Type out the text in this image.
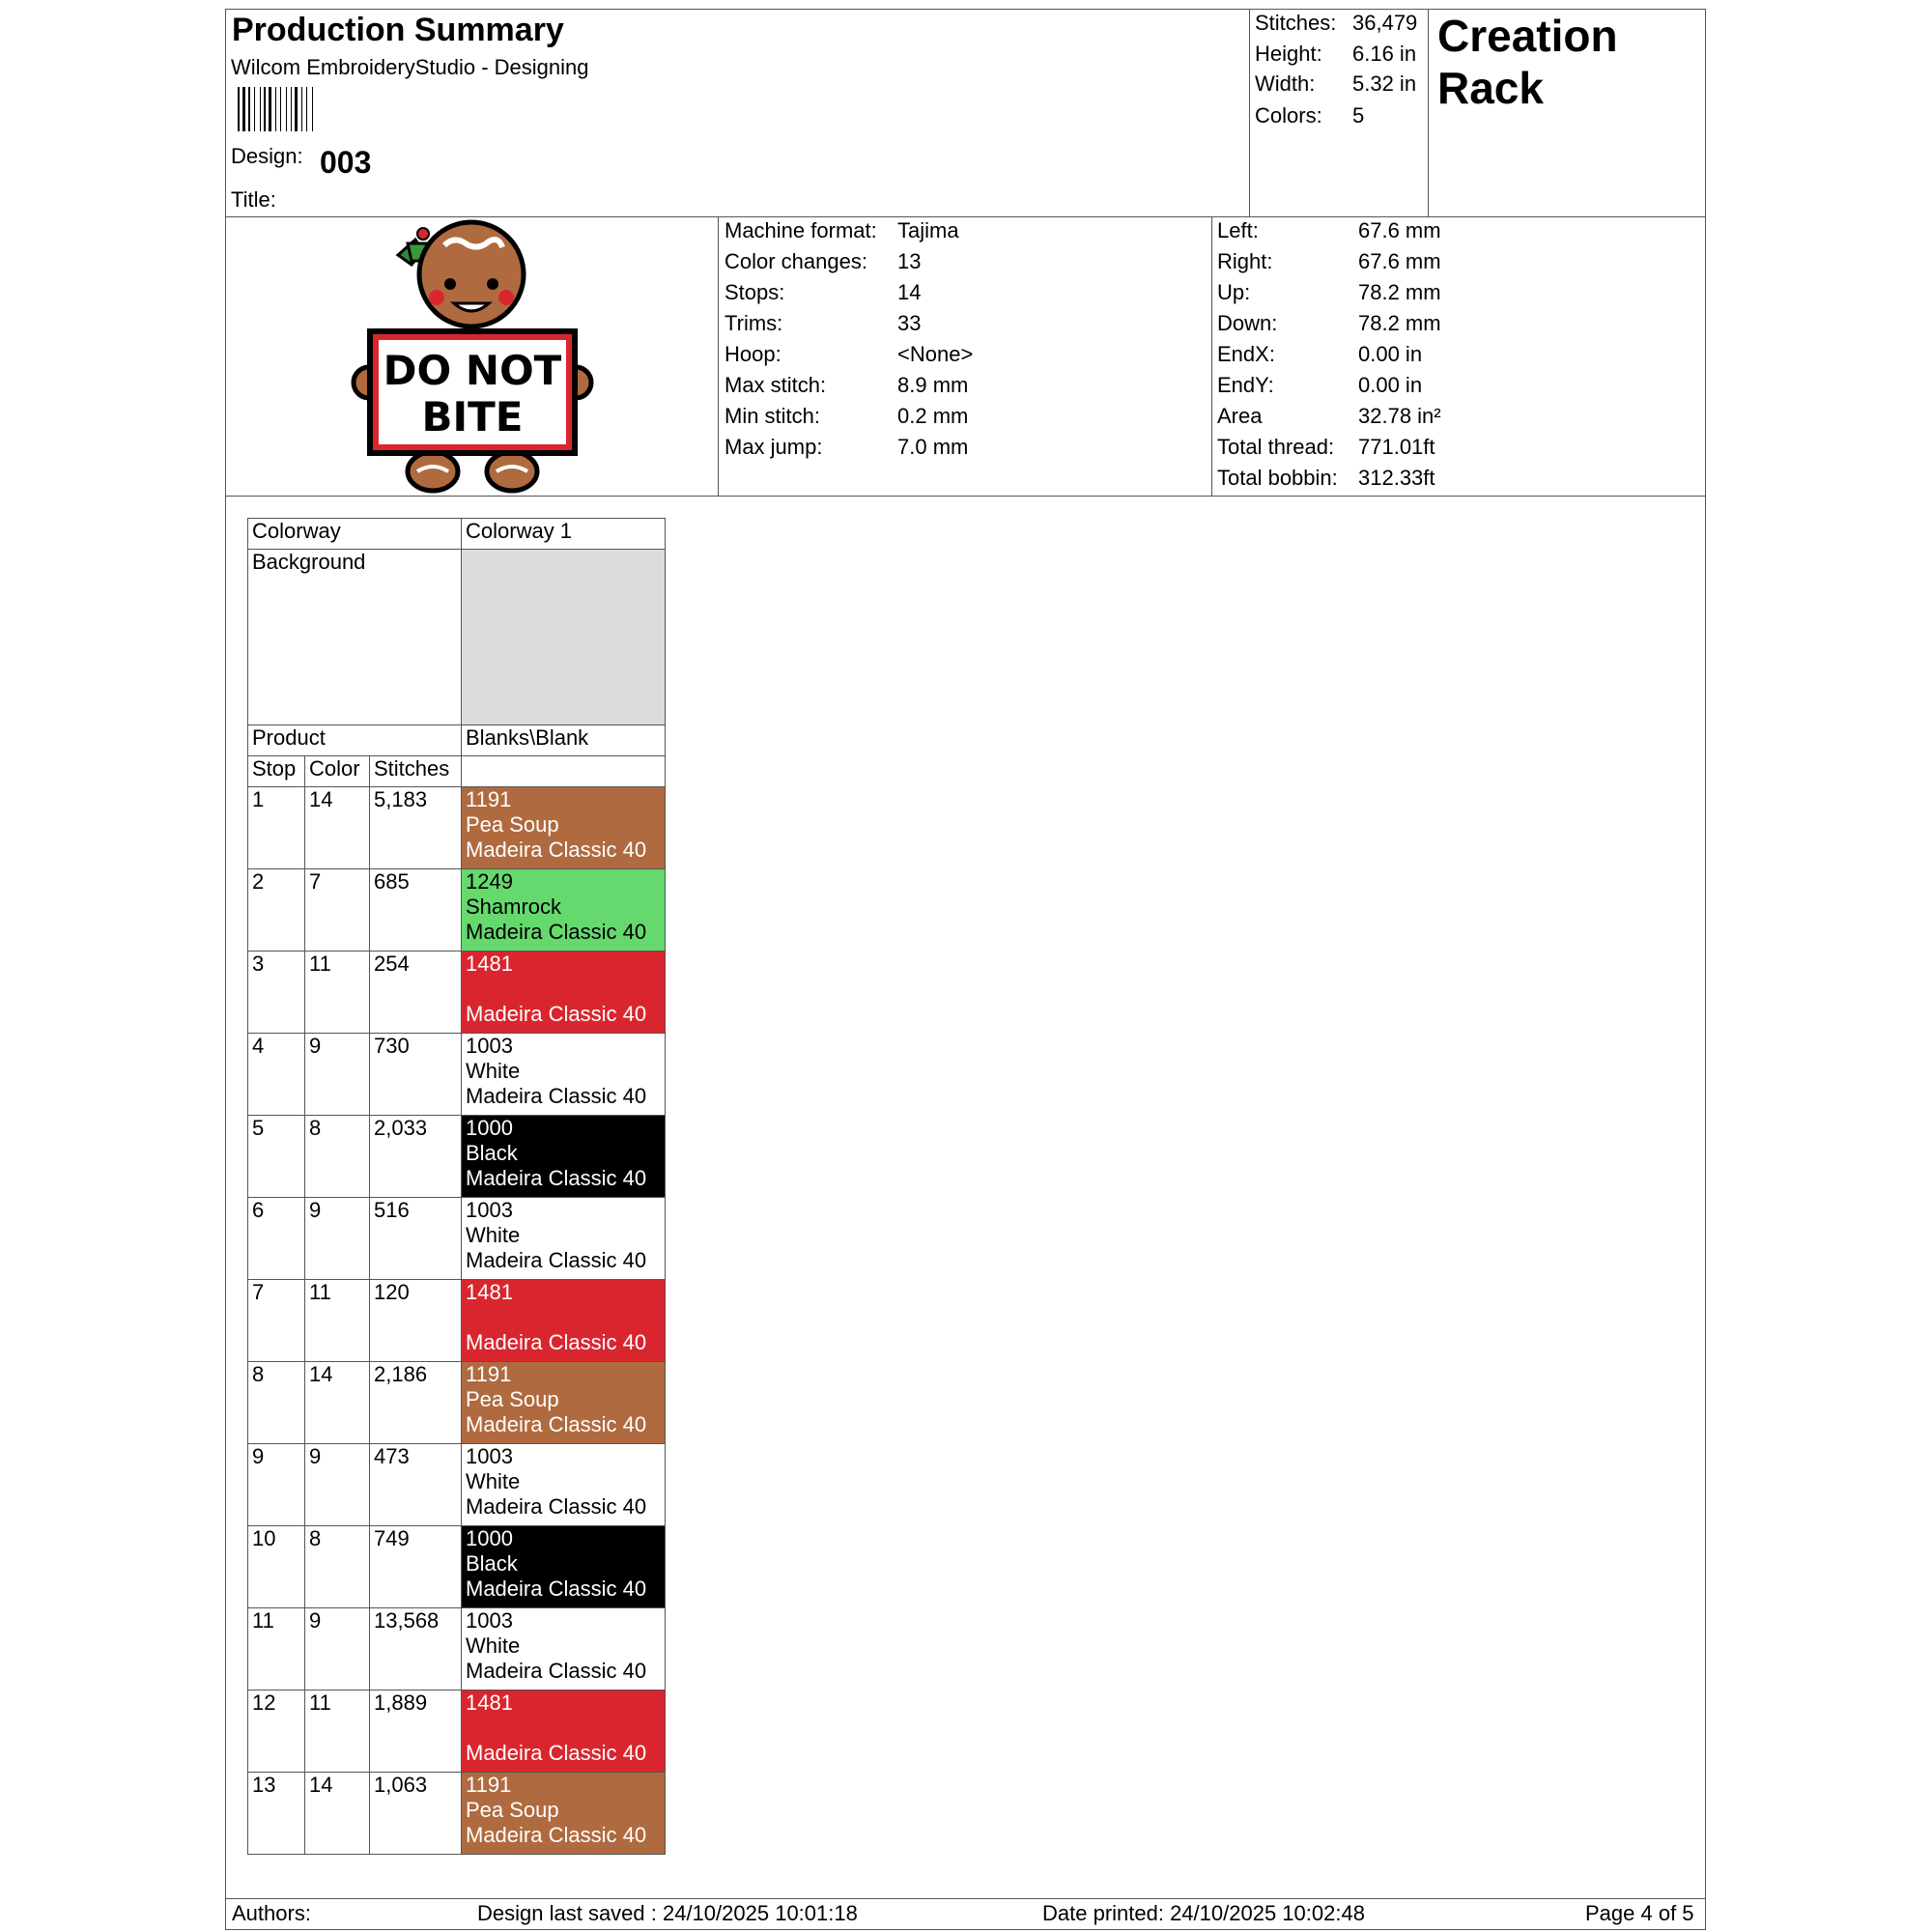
Production Summary
Wilcom EmbroideryStudio - Designing
Design: 003
Title:
Stitches: 36,479
Height: 6.16 in
Width: 5.32 in
Colors: 5
Creation
Rack
DO NOT
BITE
Machine format: Tajima
Color changes: 13
Stops:	14
Trims:	33
Hoop:	<None>
Max stitch:	8.9 mm
Min stitch:	0.2 mm
Max jump:	7.0 mm
Left:	67.6 mm
Right:	67.6 mm
Up:	78.2 mm
Down:	78.2 mm
EndX:	0.00 in
EndY:	0.00 in
Area	32.78 in²
Total thread: 771.01ft
Total bobbin: 312.33ft
Colorway			Colorway 1
Background			
Product			Blanks\Blank
Stop	Color	Stitches	
1	14	5,183	1191
Pea Soup
Madeira Classic 40

2	7	685	1249
Shamrock
Madeira Classic 40

3	11	254	1481
Madeira Classic 40

4	9	730	1003
White
Madeira Classic 40

5	8	2,033	1000
Black
Madeira Classic 40

6	9	516	1003
White
Madeira Classic 40

7	11	120	1481
Madeira Classic 40

8	14	2,186	1191
Pea Soup
Madeira Classic 40

9	9	473	1003
White
Madeira Classic 40

10	8	749	1000
Black
Madeira Classic 40

11	9	13,568	1003
White
Madeira Classic 40

12	11	1,889	1481
Madeira Classic 40

13	14	1,063	1191
Pea Soup
Madeira Classic 40
Authors:	Design last saved : 24/10/2025 10:01:18	Date printed: 24/10/2025 10:02:48	Page 4 of 5
